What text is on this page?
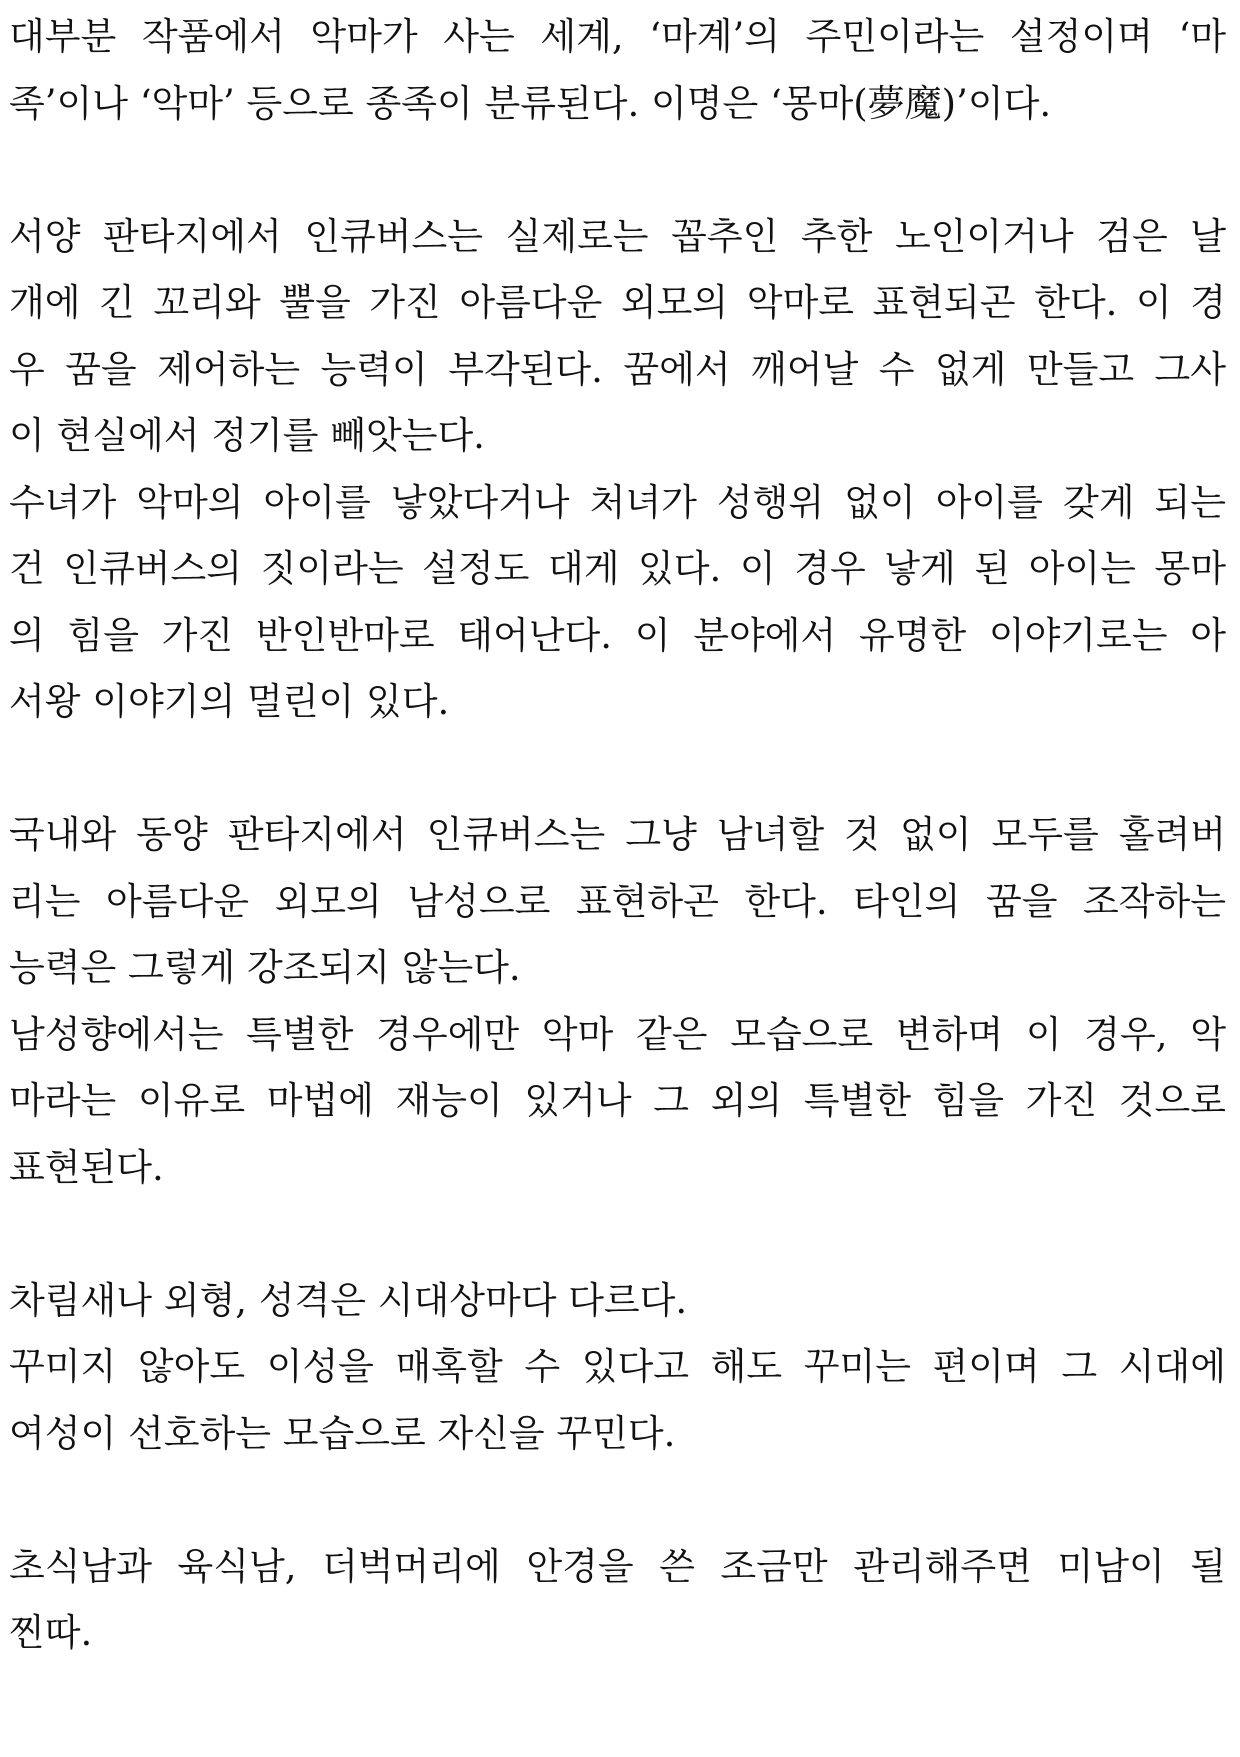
대부분 작품에서 악마가 사는 세계, ‘마계’의 주민이라는 설정이며 ‘마
족’이나 ‘악마’ 등으로 종족이 분류된다. 이명은 ‘몽마(夢魔)’이다.
서양 판타지에서 인큐버스는 실제로는 꼽추인 추한 노인이거나 검은 날
개에 긴 꼬리와 뿔을 가진 아름다운 외모의 악마로 표현되곤 한다. 이 경
우 꿈을 제어하는 능력이 부각된다. 꿈에서 깨어날 수 없게 만들고 그사
이 현실에서 정기를 빼앗는다.
수녀가 악마의 아이를 낳았다거나 처녀가 성행위 없이 아이를 갖게 되는
건 인큐버스의 짓이라는 설정도 대게 있다. 이 경우 낳게 된 아이는 몽마
의 힘을 가진 반인반마로 태어난다. 이 분야에서 유명한 이야기로는 아
서왕 이야기의 멀린이 있다.
국내와 동양 판타지에서 인큐버스는 그냥 남녀할 것 없이 모두를 홀려버
리는 아름다운 외모의 남성으로 표현하곤 한다. 타인의 꿈을 조작하는
능력은 그렇게 강조되지 않는다.
남성향에서는 특별한 경우에만 악마 같은 모습으로 변하며 이 경우, 악
마라는 이유로 마법에 재능이 있거나 그 외의 특별한 힘을 가진 것으로
표현된다.
차림새나 외형, 성격은 시대상마다 다르다.
꾸미지 않아도 이성을 매혹할 수 있다고 해도 꾸미는 편이며 그 시대에
여성이 선호하는 모습으로 자신을 꾸민다.
초식남과 육식남, 더벅머리에 안경을 쓴 조금만 관리해주면 미남이 될
찐따.
